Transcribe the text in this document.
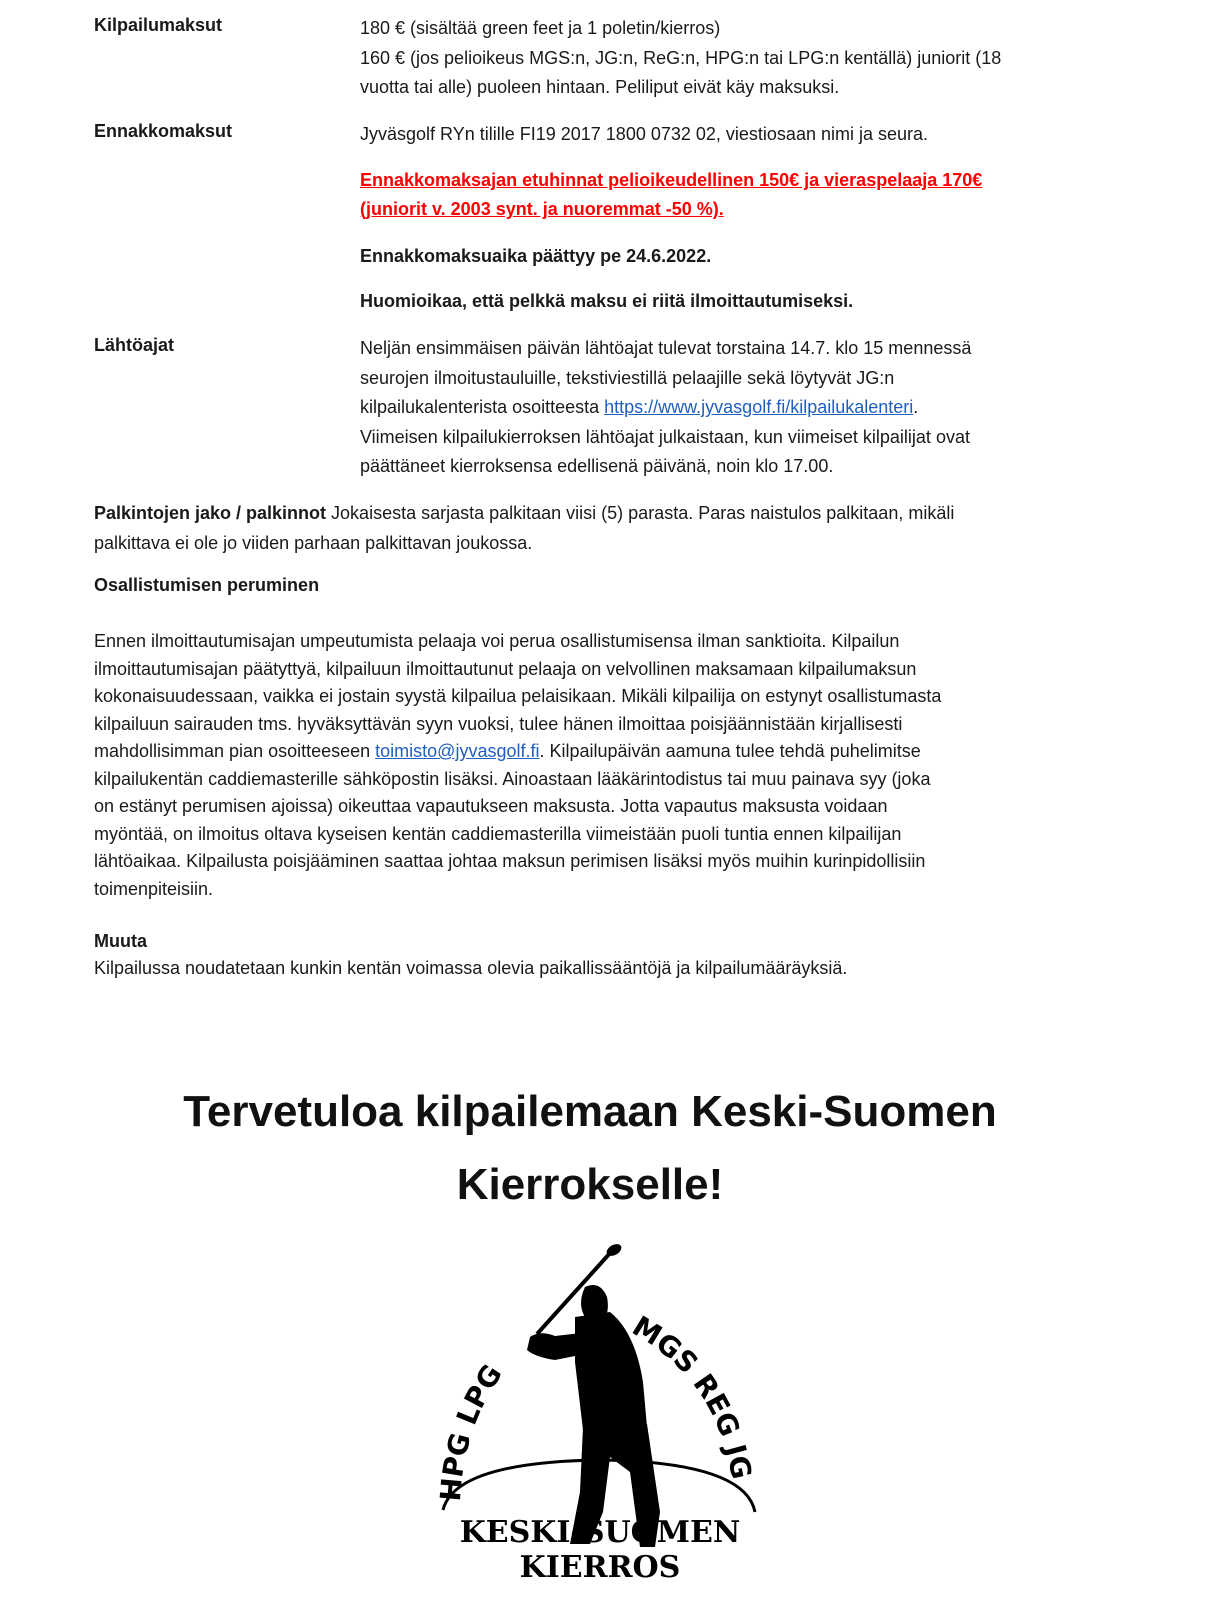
Kilpailumaksut	180 € (sisältää green feet ja 1 poletin/kierros)
160 € (jos pelioikeus MGS:n, JG:n, ReG:n, HPG:n tai LPG:n kentällä) juniorit (18
vuotta tai alle) puoleen hintaan. Peliliput eivät käy maksuksi.
Ennakkomaksut	Jyväsgolf RYn tilille FI19 2017 1800 0732 02, viestiosaan nimi ja seura.
Ennakkomaksajan etuhinnat pelioikeudellinen 150€ ja vieraspelaaja 170€
(juniorit v. 2003 synt. ja nuoremmat -50 %).
Ennakkomaksuaika päättyy pe 24.6.2022.
Huomioikaa, että pelkkä maksu ei riitä ilmoittautumiseksi.
Lähtöajat	Neljän ensimmäisen päivän lähtöajat tulevat torstaina 14.7. klo 15 mennessä
seurojen ilmoitustauluille, tekstiviestillä pelaajille sekä löytyvät JG:n
kilpailukalenterista osoitteesta https://www.jyvasgolf.fi/kilpailukalenteri.
Viimeisen kilpailukierroksen lähtöajat julkaistaan, kun viimeiset kilpailijat ovat
päättäneet kierroksensa edellisenä päivänä, noin klo 17.00.
Palkintojen jako / palkinnot Jokaisesta sarjasta palkitaan viisi (5) parasta. Paras naistulos palkitaan, mikäli
palkittava ei ole jo viiden parhaan palkittavan joukossa.
Osallistumisen peruminen
Ennen ilmoittautumisajan umpeutumista pelaaja voi perua osallistumisensa ilman sanktioita. Kilpailun
ilmoittautumisajan päätyttyä, kilpailuun ilmoittautunut pelaaja on velvollinen maksamaan kilpailumaksun
kokonaisuudessaan, vaikka ei jostain syystä kilpailua pelaisikaan. Mikäli kilpailija on estynyt osallistumasta
kilpailuun sairauden tms. hyväksyttävän syyn vuoksi, tulee hänen ilmoittaa poisjäännistään kirjallisesti
mahdollisimman pian osoitteeseen toimisto@jyvasgolf.fi. Kilpailupäivän aamuna tulee tehdä puhelimitse
kilpailukentän caddiemasterille sähköpostin lisäksi. Ainoastaan lääkärintodistus tai muu painava syy (joka
on estänyt perumisen ajoissa) oikeuttaa vapautukseen maksusta. Jotta vapautus maksusta voidaan
myöntää, on ilmoitus oltava kyseisen kentän caddiemasterilla viimeistään puoli tuntia ennen kilpailijan
lähtöaikaa. Kilpailusta poisjääminen saattaa johtaa maksun perimisen lisäksi myös muihin kurinpidollisiin
toimenpiteisiin.
Muuta
Kilpailussa noudatetaan kunkin kentän voimassa olevia paikallissääntöjä ja kilpailumääräyksiä.
Tervetuloa kilpailemaan Keski-Suomen
Kierrokselle!
HPG LPG
MGS REG JG
KESKI-SUOMEN
KIERROS
